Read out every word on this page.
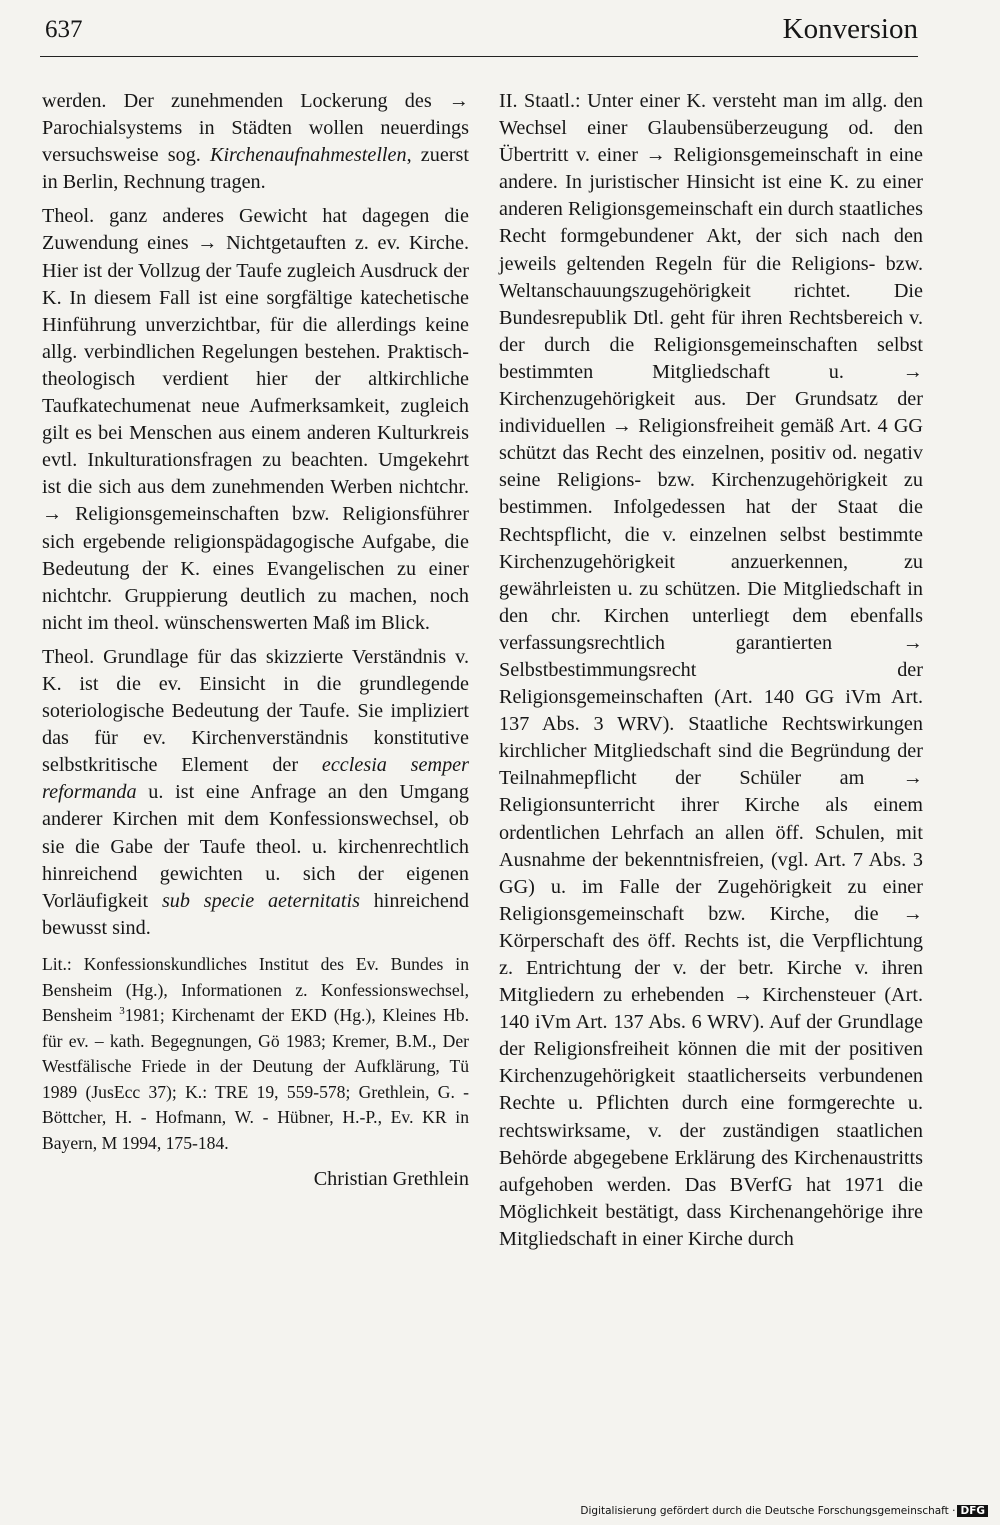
637	Konversion

werden. Der zunehmenden Lockerung des → Parochialsystems in Städten wollen neuerdings versuchsweise sog. Kirchenaufnahmestellen, zuerst in Berlin, Rechnung tragen.

Theol. ganz anderes Gewicht hat dagegen die Zuwendung eines → Nichtgetauften z. ev. Kirche. Hier ist der Vollzug der Taufe zugleich Ausdruck der K. In diesem Fall ist eine sorgfältige katechetische Hinführung unverzichtbar, für die allerdings keine allg. verbindlichen Regelungen bestehen. Praktisch-theologisch verdient hier der altkirchliche Taufkatechumenat neue Aufmerksamkeit, zugleich gilt es bei Menschen aus einem anderen Kulturkreis evtl. Inkulturationsfragen zu beachten. Umgekehrt ist die sich aus dem zunehmenden Werben nichtchr. → Religionsgemeinschaften bzw. Religionsführer sich ergebende religionspädagogische Aufgabe, die Bedeutung der K. eines Evangelischen zu einer nichtchr. Gruppierung deutlich zu machen, noch nicht im theol. wünschenswerten Maß im Blick.

Theol. Grundlage für das skizzierte Verständnis v. K. ist die ev. Einsicht in die grundlegende soteriologische Bedeutung der Taufe. Sie impliziert das für ev. Kirchenverständnis konstitutive selbstkritische Element der ecclesia semper reformanda u. ist eine Anfrage an den Umgang anderer Kirchen mit dem Konfessionswechsel, ob sie die Gabe der Taufe theol. u. kirchenrechtlich hinreichend gewichten u. sich der eigenen Vorläufigkeit sub specie aeternitatis hinreichend bewusst sind.

Lit.: Konfessionskundliches Institut des Ev. Bundes in Bensheim (Hg.), Informationen z. Konfessionswechsel, Bensheim $^3$1981; Kirchenamt der EKD (Hg.), Kleines Hb. für ev. – kath. Begegnungen, Gö 1983; Kremer, B.M., Der Westfälische Friede in der Deutung der Aufklärung, Tü 1989 (JusEcc 37); K.: TRE 19, 559-578; Grethlein, G. - Böttcher, H. - Hofmann, W. - Hübner, H.-P., Ev. KR in Bayern, M 1994, 175-184.

Christian Grethlein

II. Staatl.: Unter einer K. versteht man im allg. den Wechsel einer Glaubensüberzeugung od. den Übertritt v. einer → Religionsgemeinschaft in eine andere. In juristischer Hinsicht ist eine K. zu einer anderen Religionsgemeinschaft ein durch staatliches Recht formgebundener Akt, der sich nach den jeweils geltenden Regeln für die Religions- bzw. Weltanschauungszugehörigkeit richtet. Die Bundesrepublik Dtl. geht für ihren Rechtsbereich v. der durch die Religionsgemeinschaften selbst bestimmten Mitgliedschaft u. → Kirchenzugehörigkeit aus. Der Grundsatz der individuellen → Religionsfreiheit gemäß Art. 4 GG schützt das Recht des einzelnen, positiv od. negativ seine Religions- bzw. Kirchenzugehörigkeit zu bestimmen. Infolgedessen hat der Staat die Rechtspflicht, die v. einzelnen selbst bestimmte Kirchenzugehörigkeit anzuerkennen, zu gewährleisten u. zu schützen. Die Mitgliedschaft in den chr. Kirchen unterliegt dem ebenfalls verfassungsrechtlich garantierten → Selbstbestimmungsrecht der Religionsgemeinschaften (Art. 140 GG iVm Art. 137 Abs. 3 WRV). Staatliche Rechtswirkungen kirchlicher Mitgliedschaft sind die Begründung der Teilnahmepflicht der Schüler am → Religionsunterricht ihrer Kirche als einem ordentlichen Lehrfach an allen öff. Schulen, mit Ausnahme der bekenntnisfreien, (vgl. Art. 7 Abs. 3 GG) u. im Falle der Zugehörigkeit zu einer Religionsgemeinschaft bzw. Kirche, die → Körperschaft des öff. Rechts ist, die Verpflichtung z. Entrichtung der v. der betr. Kirche v. ihren Mitgliedern zu erhebenden → Kirchensteuer (Art. 140 iVm Art. 137 Abs. 6 WRV). Auf der Grundlage der Religionsfreiheit können die mit der positiven Kirchenzugehörigkeit staatlicherseits verbundenen Rechte u. Pflichten durch eine formgerechte u. rechtswirksame, v. der zuständigen staatlichen Behörde abgegebene Erklärung des Kirchenaustritts aufgehoben werden. Das BVerfG hat 1971 die Möglichkeit bestätigt, dass Kirchenangehörige ihre Mitgliedschaft in einer Kirche durch

Digitalisierung gefördert durch die Deutsche Forschungsgemeinschaft · DFG
